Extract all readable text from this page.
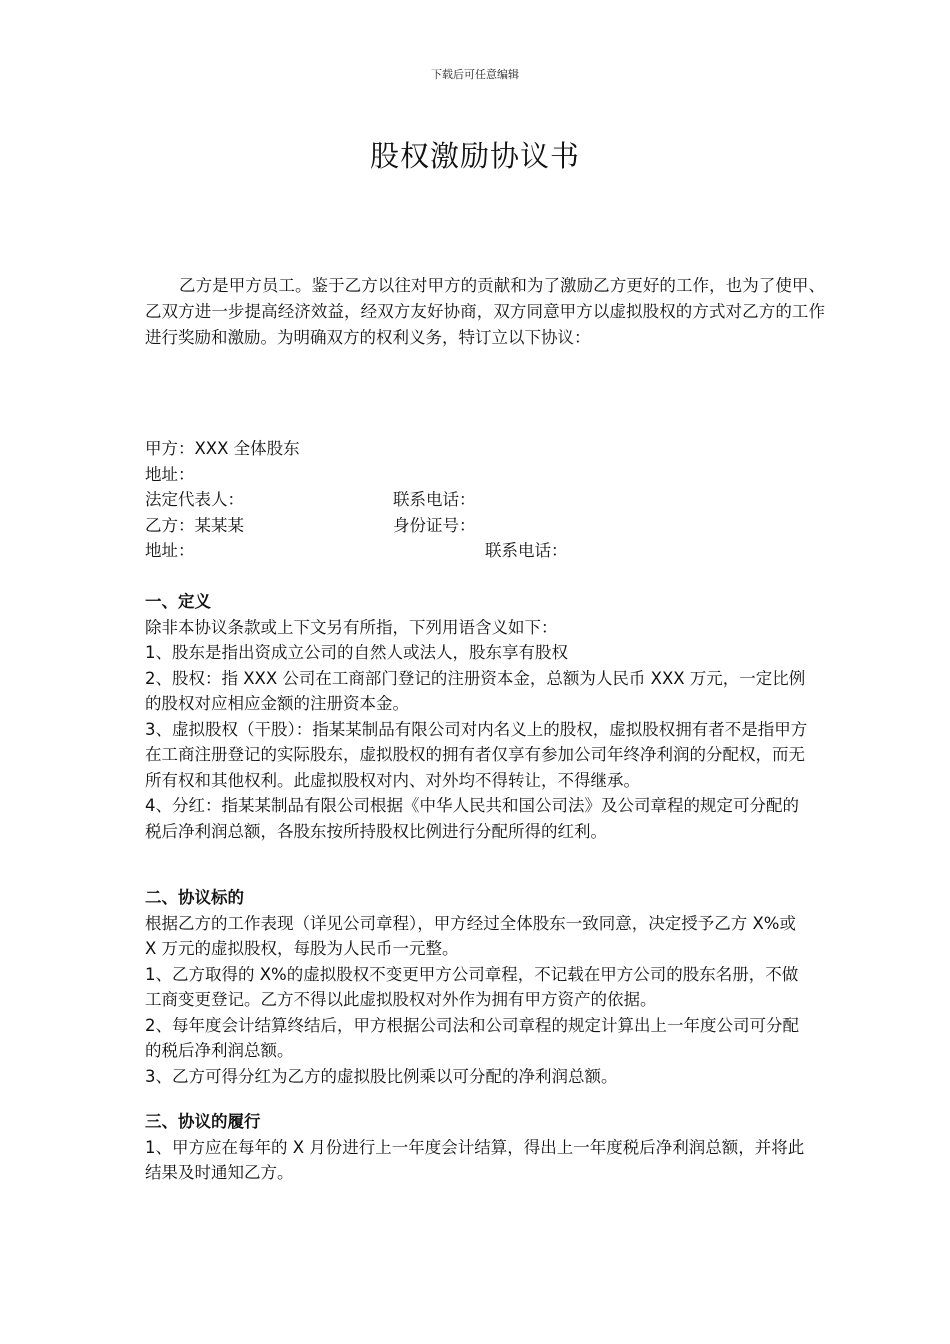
下载后可任意编辑
股权激励协议书

乙方是甲方员工。鉴于乙方以往对甲方的贡献和为了激励乙方更好的工作，也为了使甲、乙双方进一步提高经济效益，经双方友好协商，双方同意甲方以虚拟股权的方式对乙方的工作进行奖励和激励。为明确双方的权利义务，特订立以下协议：

甲方：XXX 全体股东
地址：
法定代表人：	联系电话：
乙方：某某某	身份证号：
地址：	联系电话：
一、定义

除非本协议条款或上下文另有所指，下列用语含义如下：

1、股东是指出资成立公司的自然人或法人，股东享有股权

2、股权：指 XXX 公司在工商部门登记的注册资本金，总额为人民币 XXX 万元，一定比例的股权对应相应金额的注册资本金。

3、虚拟股权（干股）：指某某制品有限公司对内名义上的股权，虚拟股权拥有者不是指甲方在工商注册登记的实际股东，虚拟股权的拥有者仅享有参加公司年终净利润的分配权，而无所有权和其他权利。此虚拟股权对内、对外均不得转让，不得继承。

4、分红：指某某制品有限公司根据《中华人民共和国公司法》及公司章程的规定可分配的税后净利润总额，各股东按所持股权比例进行分配所得的红利。

二、协议标的

根据乙方的工作表现（详见公司章程），甲方经过全体股东一致同意，决定授予乙方 X%或 X 万元的虚拟股权，每股为人民币一元整。

1、乙方取得的 X%的虚拟股权不变更甲方公司章程，不记载在甲方公司的股东名册，不做工商变更登记。乙方不得以此虚拟股权对外作为拥有甲方资产的依据。

2、每年度会计结算终结后，甲方根据公司法和公司章程的规定计算出上一年度公司可分配的税后净利润总额。

3、乙方可得分红为乙方的虚拟股比例乘以可分配的净利润总额。

三、协议的履行

1、甲方应在每年的 X 月份进行上一年度会计结算，得出上一年度税后净利润总额，并将此结果及时通知乙方。
